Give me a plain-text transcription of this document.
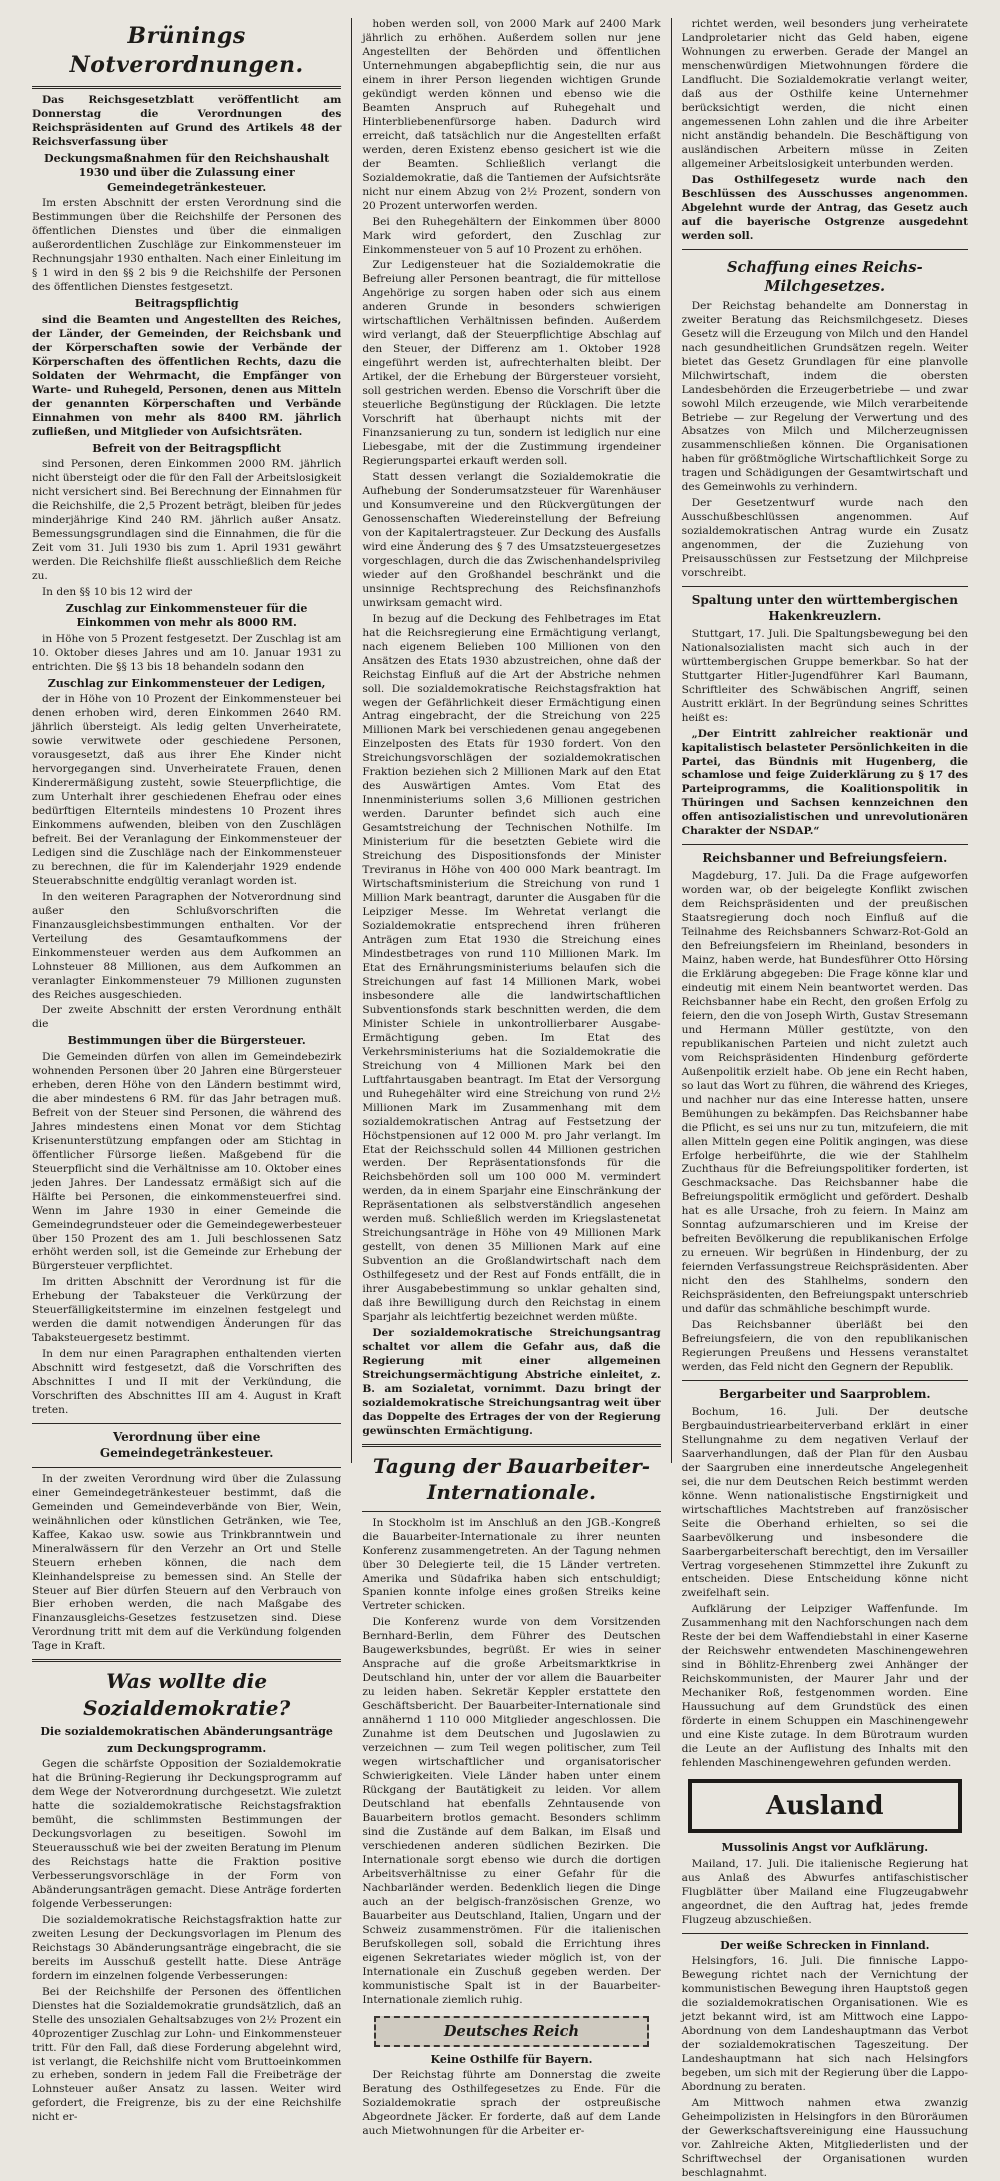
Brünings Notverordnungen.

Das Reichsgesetzblatt veröffentlicht am Donnerstag die Verordnungen des Reichspräsidenten auf Grund des Artikels 48 der Reichsverfassung über

Deckungsmaßnahmen für den Reichshaushalt 1930 und über die Zulassung einer Gemeindegetränkesteuer.

Im ersten Abschnitt der ersten Verordnung sind die Bestimmungen über die Reichshilfe der Personen des öffentlichen Dienstes und über die einmaligen außerordentlichen Zuschläge zur Einkommensteuer im Rechnungsjahr 1930 enthalten. Nach einer Einleitung im § 1 wird in den §§ 2 bis 9 die Reichshilfe der Personen des öffentlichen Dienstes festgesetzt.

Beitragspflichtig

sind die Beamten und Angestellten des Reiches, der Länder, der Gemeinden, der Reichsbank und der Körperschaften sowie der Verbände der Körperschaften des öffentlichen Rechts, dazu die Soldaten der Wehrmacht, die Empfänger von Warte- und Ruhegeld, Personen, denen aus Mitteln der genannten Körperschaften und Verbände Einnahmen von mehr als 8400 RM. jährlich zufließen, und Mitglieder von Aufsichtsräten.

Befreit von der Beitragspflicht

sind Personen, deren Einkommen 2000 RM. jährlich nicht übersteigt oder die für den Fall der Arbeitslosigkeit nicht versichert sind. Bei Berechnung der Einnahmen für die Reichshilfe, die 2,5 Prozent beträgt, bleiben für jedes minderjährige Kind 240 RM. jährlich außer Ansatz. Bemessungsgrundlagen sind die Einnahmen, die für die Zeit vom 31. Juli 1930 bis zum 1. April 1931 gewährt werden. Die Reichshilfe fließt ausschließlich dem Reiche zu.

In den §§ 10 bis 12 wird der

Zuschlag zur Einkommensteuer für die Einkommen von mehr als 8000 RM.

in Höhe von 5 Prozent festgesetzt. Der Zuschlag ist am 10. Oktober dieses Jahres und am 10. Januar 1931 zu entrichten. Die §§ 13 bis 18 behandeln sodann den

Zuschlag zur Einkommensteuer der Ledigen,

der in Höhe von 10 Prozent der Einkommensteuer bei denen erhoben wird, deren Einkommen 2640 RM. jährlich übersteigt. Als ledig gelten Unverheiratete, sowie verwitwete oder geschiedene Personen, vorausgesetzt, daß aus ihrer Ehe Kinder nicht hervorgegangen sind. Unverheiratete Frauen, denen Kinderermäßigung zusteht, sowie Steuerpflichtige, die zum Unterhalt ihrer geschiedenen Ehefrau oder eines bedürftigen Elternteils mindestens 10 Prozent ihres Einkommens aufwenden, bleiben von den Zuschlägen befreit. Bei der Veranlagung der Einkommensteuer der Ledigen sind die Zuschläge nach der Einkommensteuer zu berechnen, die für im Kalenderjahr 1929 endende Steuerabschnitte endgültig veranlagt worden ist.

In den weiteren Paragraphen der Notverordnung sind außer den Schlußvorschriften die Finanzausgleichsbestimmungen enthalten. Vor der Verteilung des Gesamtaufkommens der Einkommensteuer werden aus dem Aufkommen an Lohnsteuer 88 Millionen, aus dem Aufkommen an veranlagter Einkommensteuer 79 Millionen zugunsten des Reiches ausgeschieden.

Der zweite Abschnitt der ersten Verordnung enthält die

Bestimmungen über die Bürgersteuer.

Die Gemeinden dürfen von allen im Gemeindebezirk wohnenden Personen über 20 Jahren eine Bürgersteuer erheben, deren Höhe von den Ländern bestimmt wird, die aber mindestens 6 RM. für das Jahr betragen muß. Befreit von der Steuer sind Personen, die während des Jahres mindestens einen Monat vor dem Stichtag Krisenunterstützung empfangen oder am Stichtag in öffentlicher Fürsorge ließen. Maßgebend für die Steuerpflicht sind die Verhältnisse am 10. Oktober eines jeden Jahres. Der Landessatz ermäßigt sich auf die Hälfte bei Personen, die einkommensteuerfrei sind. Wenn im Jahre 1930 in einer Gemeinde die Gemeindegrundsteuer oder die Gemeindegewerbesteuer über 150 Prozent des am 1. Juli beschlossenen Satz erhöht werden soll, ist die Gemeinde zur Erhebung der Bürgersteuer verpflichtet.

Im dritten Abschnitt der Verordnung ist für die Erhebung der Tabaksteuer die Verkürzung der Steuerfälligkeitstermine im einzelnen festgelegt und werden die damit notwendigen Änderungen für das Tabaksteuergesetz bestimmt.

In dem nur einen Paragraphen enthaltenden vierten Abschnitt wird festgesetzt, daß die Vorschriften des Abschnittes I und II mit der Verkündung, die Vorschriften des Abschnittes III am 4. August in Kraft treten.

Verordnung über eine Gemeindegetränkesteuer.

In der zweiten Verordnung wird über die Zulassung einer Gemeindegetränkesteuer bestimmt, daß die Gemeinden und Gemeindeverbände von Bier, Wein, weinähnlichen oder künstlichen Getränken, wie Tee, Kaffee, Kakao usw. sowie aus Trinkbranntwein und Mineralwässern für den Verzehr an Ort und Stelle Steuern erheben können, die nach dem Kleinhandelspreise zu bemessen sind. An Stelle der Steuer auf Bier dürfen Steuern auf den Verbrauch von Bier erhoben werden, die nach Maßgabe des Finanzausgleichs-Gesetzes festzusetzen sind. Diese Verordnung tritt mit dem auf die Verkündung folgenden Tage in Kraft.

Was wollte die Sozialdemokratie?
Die sozialdemokratischen Abänderungsanträge
zum Deckungsprogramm.

Gegen die schärfste Opposition der Sozialdemokratie hat die Brüning-Regierung ihr Deckungsprogramm auf dem Wege der Notverordnung durchgesetzt. Wie zuletzt hatte die sozialdemokratische Reichstagsfraktion bemüht, die schlimmsten Bestimmungen der Deckungsvorlagen zu beseitigen. Sowohl im Steuerausschuß wie bei der zweiten Beratung im Plenum des Reichstags hatte die Fraktion positive Verbesserungsvorschläge in der Form von Abänderungsanträgen gemacht. Diese Anträge forderten folgende Verbesserungen:

Die sozialdemokratische Reichstagsfraktion hatte zur zweiten Lesung der Deckungsvorlagen im Plenum des Reichstags 30 Abänderungsanträge eingebracht, die sie bereits im Ausschuß gestellt hatte. Diese Anträge fordern im einzelnen folgende Verbesserungen:

Bei der Reichshilfe der Personen des öffentlichen Dienstes hat die Sozialdemokratie grundsätzlich, daß an Stelle des unsozialen Gehaltsabzuges von 2½ Prozent ein 40prozentiger Zuschlag zur Lohn- und Einkommensteuer tritt. Für den Fall, daß diese Forderung abgelehnt wird, ist verlangt, die Reichshilfe nicht vom Bruttoeinkommen zu erheben, sondern in jedem Fall die Freibeträge der Lohnsteuer außer Ansatz zu lassen. Weiter wird gefordert, die Freigrenze, bis zu der eine Reichshilfe nicht er-

hoben werden soll, von 2000 Mark auf 2400 Mark jährlich zu erhöhen. Außerdem sollen nur jene Angestellten der Behörden und öffentlichen Unternehmungen abgabepflichtig sein, die nur aus einem in ihrer Person liegenden wichtigen Grunde gekündigt werden können und ebenso wie die Beamten Anspruch auf Ruhegehalt und Hinterbliebenenfürsorge haben. Dadurch wird erreicht, daß tatsächlich nur die Angestellten erfaßt werden, deren Existenz ebenso gesichert ist wie die der Beamten. Schließlich verlangt die Sozialdemokratie, daß die Tantiemen der Aufsichtsräte nicht nur einem Abzug von 2½ Prozent, sondern von 20 Prozent unterworfen werden.

Bei den Ruhegehältern der Einkommen über 8000 Mark wird gefordert, den Zuschlag zur Einkommensteuer von 5 auf 10 Prozent zu erhöhen.

Zur Ledigensteuer hat die Sozialdemokratie die Befreiung aller Personen beantragt, die für mittellose Angehörige zu sorgen haben oder sich aus einem anderen Grunde in besonders schwierigen wirtschaftlichen Verhältnissen befinden. Außerdem wird verlangt, daß der Steuerpflichtige Abschlag auf den Steuer, der Differenz am 1. Oktober 1928 eingeführt werden ist, aufrechterhalten bleibt. Der Artikel, der die Erhebung der Bürgersteuer vorsieht, soll gestrichen werden. Ebenso die Vorschrift über die steuerliche Begünstigung der Rücklagen. Die letzte Vorschrift hat überhaupt nichts mit der Finanzsanierung zu tun, sondern ist lediglich nur eine Liebesgabe, mit der die Zustimmung irgendeiner Regierungspartei erkauft werden soll.

Statt dessen verlangt die Sozialdemokratie die Aufhebung der Sonderumsatzsteuer für Warenhäuser und Konsumvereine und den Rückvergütungen der Genossenschaften Wiedereinstellung der Befreiung von der Kapitalertragsteuer. Zur Deckung des Ausfalls wird eine Änderung des § 7 des Umsatzsteuergesetzes vorgeschlagen, durch die das Zwischenhandelsprivileg wieder auf den Großhandel beschränkt und die unsinnige Rechtsprechung des Reichsfinanzhofs unwirksam gemacht wird.

In bezug auf die Deckung des Fehlbetrages im Etat hat die Reichsregierung eine Ermächtigung verlangt, nach eigenem Belieben 100 Millionen von den Ansätzen des Etats 1930 abzustreichen, ohne daß der Reichstag Einfluß auf die Art der Abstriche nehmen soll. Die sozialdemokratische Reichstagsfraktion hat wegen der Gefährlichkeit dieser Ermächtigung einen Antrag eingebracht, der die Streichung von 225 Millionen Mark bei verschiedenen genau angegebenen Einzelposten des Etats für 1930 fordert. Von den Streichungsvorschlägen der sozialdemokratischen Fraktion beziehen sich 2 Millionen Mark auf den Etat des Auswärtigen Amtes. Vom Etat des Innenministeriums sollen 3,6 Millionen gestrichen werden. Darunter befindet sich auch eine Gesamtstreichung der Technischen Nothilfe. Im Ministerium für die besetzten Gebiete wird die Streichung des Dispositionsfonds der Minister Treviranus in Höhe von 400 000 Mark beantragt. Im Wirtschaftsministerium die Streichung von rund 1 Million Mark beantragt, darunter die Ausgaben für die Leipziger Messe. Im Wehretat verlangt die Sozialdemokratie entsprechend ihren früheren Anträgen zum Etat 1930 die Streichung eines Mindestbetrages von rund 110 Millionen Mark. Im Etat des Ernährungsministeriums belaufen sich die Streichungen auf fast 14 Millionen Mark, wobei insbesondere alle die landwirtschaftlichen Subventionsfonds stark beschnitten werden, die dem Minister Schiele in unkontrollierbarer Ausgabe-Ermächtigung geben. Im Etat des Verkehrsministeriums hat die Sozialdemokratie die Streichung von 4 Millionen Mark bei den Luftfahrtausgaben beantragt. Im Etat der Versorgung und Ruhegehälter wird eine Streichung von rund 2½ Millionen Mark im Zusammenhang mit dem sozialdemokratischen Antrag auf Festsetzung der Höchstpensionen auf 12 000 M. pro Jahr verlangt. Im Etat der Reichsschuld sollen 44 Millionen gestrichen werden. Der Repräsentationsfonds für die Reichsbehörden soll um 100 000 M. vermindert werden, da in einem Sparjahr eine Einschränkung der Repräsentationen als selbstverständlich angesehen werden muß. Schließlich werden im Kriegslastenetat Streichungsanträge in Höhe von 49 Millionen Mark gestellt, von denen 35 Millionen Mark auf eine Subvention an die Großlandwirtschaft nach dem Osthilfegesetz und der Rest auf Fonds entfällt, die in ihrer Ausgabebestimmung so unklar gehalten sind, daß ihre Bewilligung durch den Reichstag in einem Sparjahr als leichtfertig bezeichnet werden müßte.

Der sozialdemokratische Streichungsantrag schaltet vor allem die Gefahr aus, daß die Regierung mit einer allgemeinen Streichungsermächtigung Abstriche einleitet, z. B. am Sozialetat, vornimmt. Dazu bringt der sozialdemokratische Streichungsantrag weit über das Doppelte des Ertrages der von der Regierung gewünschten Ermächtigung.

Tagung der Bauarbeiter-Internationale.

In Stockholm ist im Anschluß an den JGB.-Kongreß die Bauarbeiter-Internationale zu ihrer neunten Konferenz zusammengetreten. An der Tagung nehmen über 30 Delegierte teil, die 15 Länder vertreten. Amerika und Südafrika haben sich entschuldigt; Spanien konnte infolge eines großen Streiks keine Vertreter schicken.

Die Konferenz wurde von dem Vorsitzenden Bernhard-Berlin, dem Führer des Deutschen Baugewerksbundes, begrüßt. Er wies in seiner Ansprache auf die große Arbeitsmarktkrise in Deutschland hin, unter der vor allem die Bauarbeiter zu leiden haben. Sekretär Keppler erstattete den Geschäftsbericht. Der Bauarbeiter-Internationale sind annähernd 1 110 000 Mitglieder angeschlossen. Die Zunahme ist dem Deutschen und Jugoslawien zu verzeichnen — zum Teil wegen politischer, zum Teil wegen wirtschaftlicher und organisatorischer Schwierigkeiten. Viele Länder haben unter einem Rückgang der Bautätigkeit zu leiden. Vor allem Deutschland hat ebenfalls Zehntausende von Bauarbeitern brotlos gemacht. Besonders schlimm sind die Zustände auf dem Balkan, im Elsaß und verschiedenen anderen südlichen Bezirken. Die Internationale sorgt ebenso wie durch die dortigen Arbeitsverhältnisse zu einer Gefahr für die Nachbarländer werden. Bedenklich liegen die Dinge auch an der belgisch-französischen Grenze, wo Bauarbeiter aus Deutschland, Italien, Ungarn und der Schweiz zusammenströmen. Für die italienischen Berufskollegen soll, sobald die Errichtung ihres eigenen Sekretariates wieder möglich ist, von der Internationale ein Zuschuß gegeben werden. Der kommunistische Spalt ist in der Bauarbeiter-Internationale ziemlich ruhig.

Deutsches Reich
Keine Osthilfe für Bayern.

Der Reichstag führte am Donnerstag die zweite Beratung des Osthilfegesetzes zu Ende. Für die Sozialdemokratie sprach der ostpreußische Abgeordnete Jäcker. Er forderte, daß auf dem Lande auch Mietwohnungen für die Arbeiter er-

richtet werden, weil besonders jung verheiratete Landproletarier nicht das Geld haben, eigene Wohnungen zu erwerben. Gerade der Mangel an menschenwürdigen Mietwohnungen fördere die Landflucht. Die Sozialdemokratie verlangt weiter, daß aus der Osthilfe keine Unternehmer berücksichtigt werden, die nicht einen angemessenen Lohn zahlen und die ihre Arbeiter nicht anständig behandeln. Die Beschäftigung von ausländischen Arbeitern müsse in Zeiten allgemeiner Arbeitslosigkeit unterbunden werden.

Das Osthilfegesetz wurde nach den Beschlüssen des Ausschusses angenommen. Abgelehnt wurde der Antrag, das Gesetz auch auf die bayerische Ostgrenze ausgedehnt werden soll.

Schaffung eines Reichs-Milchgesetzes.

Der Reichstag behandelte am Donnerstag in zweiter Beratung das Reichsmilchgesetz. Dieses Gesetz will die Erzeugung von Milch und den Handel nach gesundheitlichen Grundsätzen regeln. Weiter bietet das Gesetz Grundlagen für eine planvolle Milchwirtschaft, indem die obersten Landesbehörden die Erzeugerbetriebe — und zwar sowohl Milch erzeugende, wie Milch verarbeitende Betriebe — zur Regelung der Verwertung und des Absatzes von Milch und Milcherzeugnissen zusammenschließen können. Die Organisationen haben für größtmögliche Wirtschaftlichkeit Sorge zu tragen und Schädigungen der Gesamtwirtschaft und des Gemeinwohls zu verhindern.

Der Gesetzentwurf wurde nach den Ausschußbeschlüssen angenommen. Auf sozialdemokratischen Antrag wurde ein Zusatz angenommen, der die Zuziehung von Preisausschüssen zur Festsetzung der Milchpreise vorschreibt.

Spaltung unter den württembergischen Hakenkreuzlern.

Stuttgart, 17. Juli. Die Spaltungsbewegung bei den Nationalsozialisten macht sich auch in der württembergischen Gruppe bemerkbar. So hat der Stuttgarter Hitler-Jugendführer Karl Baumann, Schriftleiter des Schwäbischen Angriff, seinen Austritt erklärt. In der Begründung seines Schrittes heißt es:

„Der Eintritt zahlreicher reaktionär und kapitalistisch belasteter Persönlichkeiten in die Partei, das Bündnis mit Hugenberg, die schamlose und feige Zuiderklärung zu § 17 des Parteiprogramms, die Koalitionspolitik in Thüringen und Sachsen kennzeichnen den offen antisozialistischen und unrevolutionären Charakter der NSDAP.“

Reichsbanner und Befreiungsfeiern.

Magdeburg, 17. Juli. Da die Frage aufgeworfen worden war, ob der beigelegte Konflikt zwischen dem Reichspräsidenten und der preußischen Staatsregierung doch noch Einfluß auf die Teilnahme des Reichsbanners Schwarz-Rot-Gold an den Befreiungsfeiern im Rheinland, besonders in Mainz, haben werde, hat Bundesführer Otto Hörsing die Erklärung abgegeben: Die Frage könne klar und eindeutig mit einem Nein beantwortet werden. Das Reichsbanner habe ein Recht, den großen Erfolg zu feiern, den die von Joseph Wirth, Gustav Stresemann und Hermann Müller gestützte, von den republikanischen Parteien und nicht zuletzt auch vom Reichspräsidenten Hindenburg geförderte Außenpolitik erzielt habe. Ob jene ein Recht haben, so laut das Wort zu führen, die während des Krieges, und nachher nur das eine Interesse hatten, unsere Bemühungen zu bekämpfen. Das Reichsbanner habe die Pflicht, es sei uns nur zu tun, mitzufeiern, die mit allen Mitteln gegen eine Politik angingen, was diese Erfolge herbeiführte, die wie der Stahlhelm Zuchthaus für die Befreiungspolitiker forderten, ist Geschmacksache. Das Reichsbanner habe die Befreiungspolitik ermöglicht und gefördert. Deshalb hat es alle Ursache, froh zu feiern. In Mainz am Sonntag aufzumarschieren und im Kreise der befreiten Bevölkerung die republikanischen Erfolge zu erneuen. Wir begrüßen in Hindenburg, der zu feiernden Verfassungstreue Reichspräsidenten. Aber nicht den des Stahlhelms, sondern den Reichspräsidenten, den Befreiungspakt unterschrieb und dafür das schmähliche beschimpft wurde.

Das Reichsbanner überläßt bei den Befreiungsfeiern, die von den republikanischen Regierungen Preußens und Hessens veranstaltet werden, das Feld nicht den Gegnern der Republik.

Bergarbeiter und Saarproblem.

Bochum, 16. Juli. Der deutsche Bergbauindustriearbeiterverband erklärt in einer Stellungnahme zu dem negativen Verlauf der Saarverhandlungen, daß der Plan für den Ausbau der Saargruben eine innerdeutsche Angelegenheit sei, die nur dem Deutschen Reich bestimmt werden könne. Wenn nationalistische Engstirnigkeit und wirtschaftliches Machtstreben auf französischer Seite die Oberhand erhielten, so sei die Saarbevölkerung und insbesondere die Saarbergarbeiterschaft berechtigt, den im Versailler Vertrag vorgesehenen Stimmzettel ihre Zukunft zu entscheiden. Diese Entscheidung könne nicht zweifelhaft sein.

Aufklärung der Leipziger Waffenfunde. Im Zusammenhang mit den Nachforschungen nach dem Reste der bei dem Waffendiebstahl in einer Kaserne der Reichswehr entwendeten Maschinengewehren sind in Böhlitz-Ehrenberg zwei Anhänger der Reichskommunisten, der Maurer Jahr und der Mechaniker Roß, festgenommen worden. Eine Haussuchung auf dem Grundstück des einen förderte in einem Schuppen ein Maschinengewehr und eine Kiste zutage. In dem Bürotraum wurden die Leute an der Auflistung des Inhalts mit den fehlenden Maschinengewehren gefunden werden.

Ausland
Mussolinis Angst vor Aufklärung.

Mailand, 17. Juli. Die italienische Regierung hat aus Anlaß des Abwurfes antifaschistischer Flugblätter über Mailand eine Flugzeugabwehr angeordnet, die den Auftrag hat, jedes fremde Flugzeug abzuschießen.

Der weiße Schrecken in Finnland.

Helsingfors, 16. Juli. Die finnische Lappo-Bewegung richtet nach der Vernichtung der kommunistischen Bewegung ihren Hauptstoß gegen die sozialdemokratischen Organisationen. Wie es jetzt bekannt wird, ist am Mittwoch eine Lappo-Abordnung von dem Landeshauptmann das Verbot der sozialdemokratischen Tageszeitung. Der Landeshauptmann hat sich nach Helsingfors begeben, um sich mit der Regierung über die Lappo-Abordnung zu beraten.

Am Mittwoch nahmen etwa zwanzig Geheimpolizisten in Helsingfors in den Büroräumen der Gewerkschaftsvereinigung eine Haussuchung vor. Zahlreiche Akten, Mitgliederlisten und der Schriftwechsel der Organisationen wurden beschlagnahmt.
